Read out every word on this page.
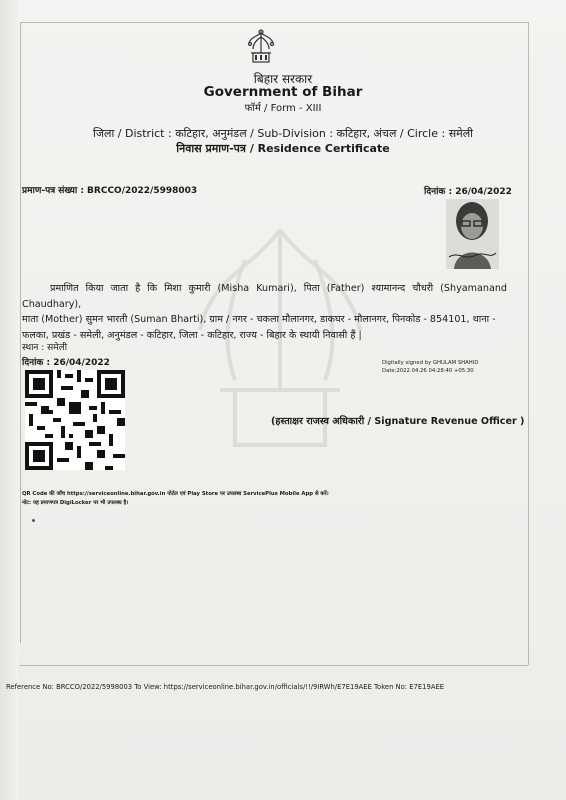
बिहार सरकार
Government of Bihar
फॉर्म / Form - XIII
जिला / District : कटिहार, अनुमंडल / Sub-Division : कटिहार, अंचल / Circle : समेली
निवास प्रमाण-पत्र / Residence Certificate
प्रमाण-पत्र संख्या : BRCCO/2022/5998003	दिनांक : 26/04/2022

प्रमाणित किया जाता है कि मिशा कुमारी (Misha Kumari), पिता (Father) श्यामानन्द चौधरी (Shyamanand Chaudhary),

माता (Mother) सुमन भारती (Suman Bharti), ग्राम / नगर - चकला मौलानगर, डाकघर - मौलानगर, पिनकोड - 854101, थाना -

फलका, प्रखंड - समेली, अनुमंडल - कटिहार, जिला - कटिहार, राज्य - बिहार के स्थायी निवासी हैं |

स्थान : समेली
दिनांक : 26/04/2022	Digitally signed by GHULAM SHAHID
Date:2022.04.26 04:28:40 +05:30
(हस्ताक्षर राजस्व अधिकारी / Signature Revenue Officer )
QR Code की जाँच https://serviceonline.bihar.gov.in पोर्टल एवं Play Store पर उपलब्ध ServicePlus Mobile App से करें।
नोट: यह प्रमाणपत्र DigiLocker पर भी उपलब्ध है।
Reference No: BRCCO/2022/5998003 To View: https://serviceonline.bihar.gov.in/officials/!!/9IRWh/E7E19AEE Token No: E7E19AEE
